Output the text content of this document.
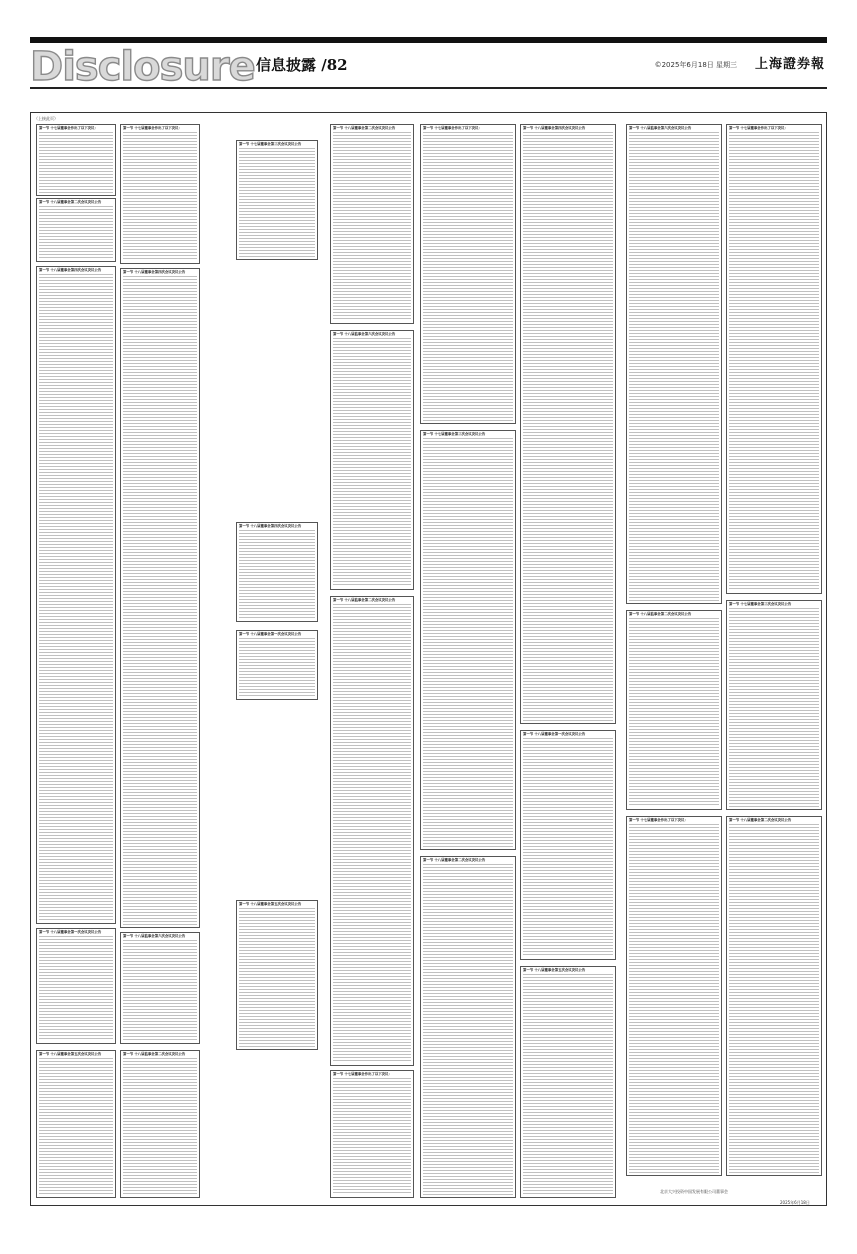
Disclosure 信息披露 /82	©2025年6月18日 星期三 上海證券報
（上接此页）
第一节 十七届董事会作出了以下决议：
第一节 十八届董事会第二次会议决议公告
第一节 十八届董事会第四次会议决议公告
第一节 十八届董事会第一次会议决议公告
第一节 十八届董事会第五次会议决议公告
第一节 十七届董事会作出了以下决议：
第一节 十八届董事会第四次会议决议公告
第一节 十八届监事会第六次会议决议公告
第一节 十八届监事会第二次会议决议公告
第一节 十七届董事会第三次会议决议公告
第一节 十八届董事会第四次会议决议公告
第一节 十八届董事会第一次会议决议公告
第一节 十八届董事会第五次会议决议公告
第一节 十八届董事会第二次会议决议公告
第一节 十八届监事会第六次会议决议公告
第一节 十八届监事会第二次会议决议公告
第一节 十七届董事会作出了以下决议：
第一节 十七届董事会作出了以下决议：
第一节 十七届董事会第三次会议决议公告
第一节 十八届董事会第二次会议决议公告
第一节 十八届董事会第四次会议决议公告
第一节 十八届董事会第一次会议决议公告
第一节 十八届董事会第五次会议决议公告
第一节 十八届监事会第六次会议决议公告
第一节 十八届监事会第二次会议决议公告
第一节 十七届董事会作出了以下决议：
第一节 十七届董事会作出了以下决议：
第一节 十七届董事会第三次会议决议公告
第一节 十八届董事会第二次会议决议公告
北京大兴投资中国发展有限公司董事会
2025年6月18日
